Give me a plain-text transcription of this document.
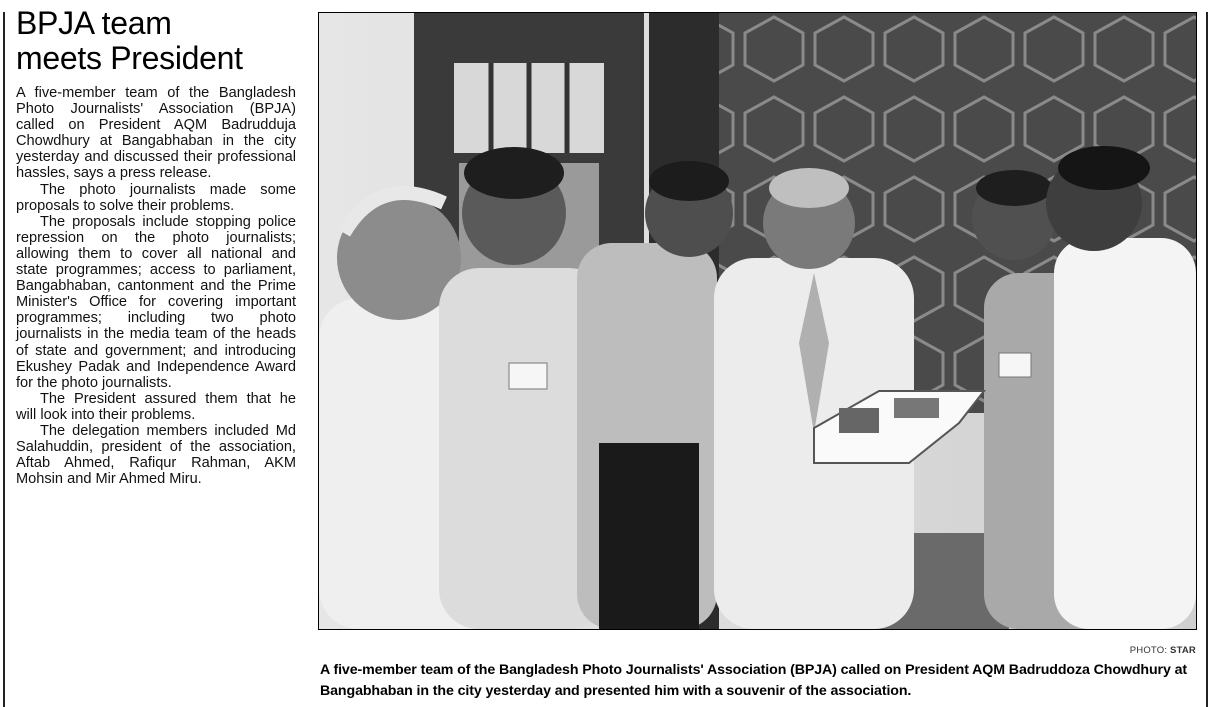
BPJA team
meets President

A five-member team of the Bangladesh Photo Journalists' Association (BPJA) called on President AQM Badrudduja Chowdhury at Bangabhaban in the city yesterday and discussed their professional hassles, says a press release.

The photo journalists made some proposals to solve their problems.

The proposals include stopping police repression on the photo journalists; allowing them to cover all national and state programmes; access to parliament, Bangabhaban, cantonment and the Prime Minister's Office for covering important programmes; including two photo journalists in the media team of the heads of state and government; and introducing Ekushey Padak and Independence Award for the photo journalists.

The President assured them that he will look into their problems.

The delegation members included Md Salahuddin, president of the association, Aftab Ahmed, Rafiqur Rahman, AKM Mohsin and Mir Ahmed Miru.

PHOTO: STAR
A five-member team of the Bangladesh Photo Journalists' Association (BPJA) called on President AQM Badruddoza Chowdhury at Bangabhaban in the city yesterday and presented him with a souvenir of the association.
